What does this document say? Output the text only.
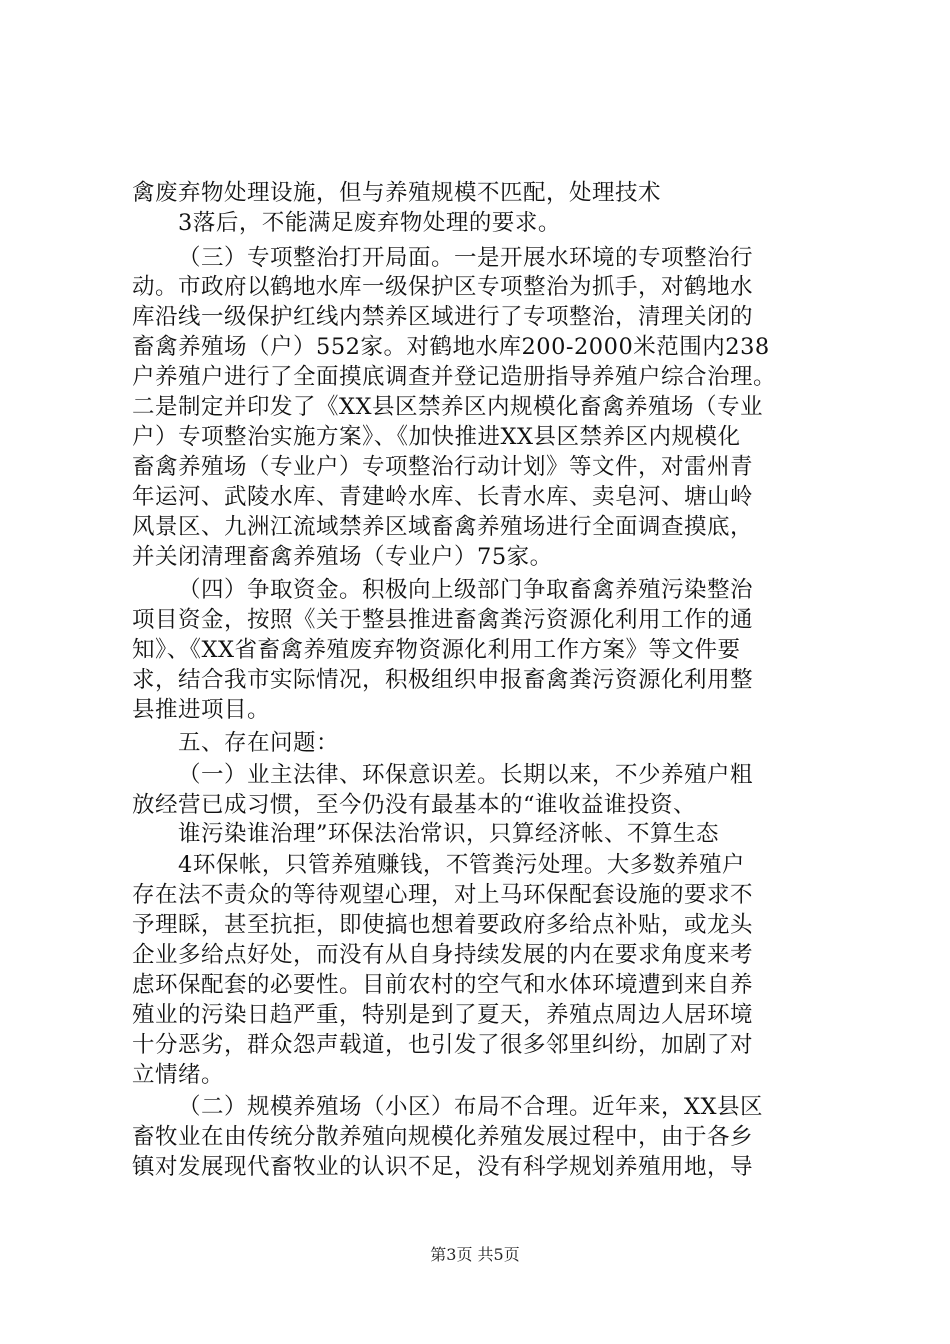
禽废弃物处理设施，但与养殖规模不匹配，处理技术
3落后，不能满足废弃物处理的要求。
（三）专项整治打开局面。一是开展水环境的专项整治行
动。市政府以鹤地水库一级保护区专项整治为抓手，对鹤地水
库沿线一级保护红线内禁养区域进行了专项整治，清理关闭的
畜禽养殖场（户）552家。对鹤地水库200-2000米范围内238
户养殖户进行了全面摸底调查并登记造册指导养殖户综合治理。
二是制定并印发了《XX县区禁养区内规模化畜禽养殖场（专业
户）专项整治实施方案》、《加快推进XX县区禁养区内规模化
畜禽养殖场（专业户）专项整治行动计划》等文件，对雷州青
年运河、武陵水库、青建岭水库、长青水库、卖皂河、塘山岭
风景区、九洲江流域禁养区域畜禽养殖场进行全面调查摸底，
并关闭清理畜禽养殖场（专业户）75家。
（四）争取资金。积极向上级部门争取畜禽养殖污染整治
项目资金，按照《关于整县推进畜禽粪污资源化利用工作的通
知》、《XX省畜禽养殖废弃物资源化利用工作方案》等文件要
求，结合我市实际情况，积极组织申报畜禽粪污资源化利用整
县推进项目。
五、存在问题：
（一）业主法律、环保意识差。长期以来，不少养殖户粗
放经营已成习惯，至今仍没有最基本的“谁收益谁投资、
谁污染谁治理”环保法治常识，只算经济帐、不算生态
4环保帐，只管养殖赚钱，不管粪污处理。大多数养殖户
存在法不责众的等待观望心理，对上马环保配套设施的要求不
予理睬，甚至抗拒，即使搞也想着要政府多给点补贴，或龙头
企业多给点好处，而没有从自身持续发展的内在要求角度来考
虑环保配套的必要性。目前农村的空气和水体环境遭到来自养
殖业的污染日趋严重，特别是到了夏天，养殖点周边人居环境
十分恶劣，群众怨声载道，也引发了很多邻里纠纷，加剧了对
立情绪。
（二）规模养殖场（小区）布局不合理。近年来，XX县区
畜牧业在由传统分散养殖向规模化养殖发展过程中，由于各乡
镇对发展现代畜牧业的认识不足，没有科学规划养殖用地，导
第3页 共5页
